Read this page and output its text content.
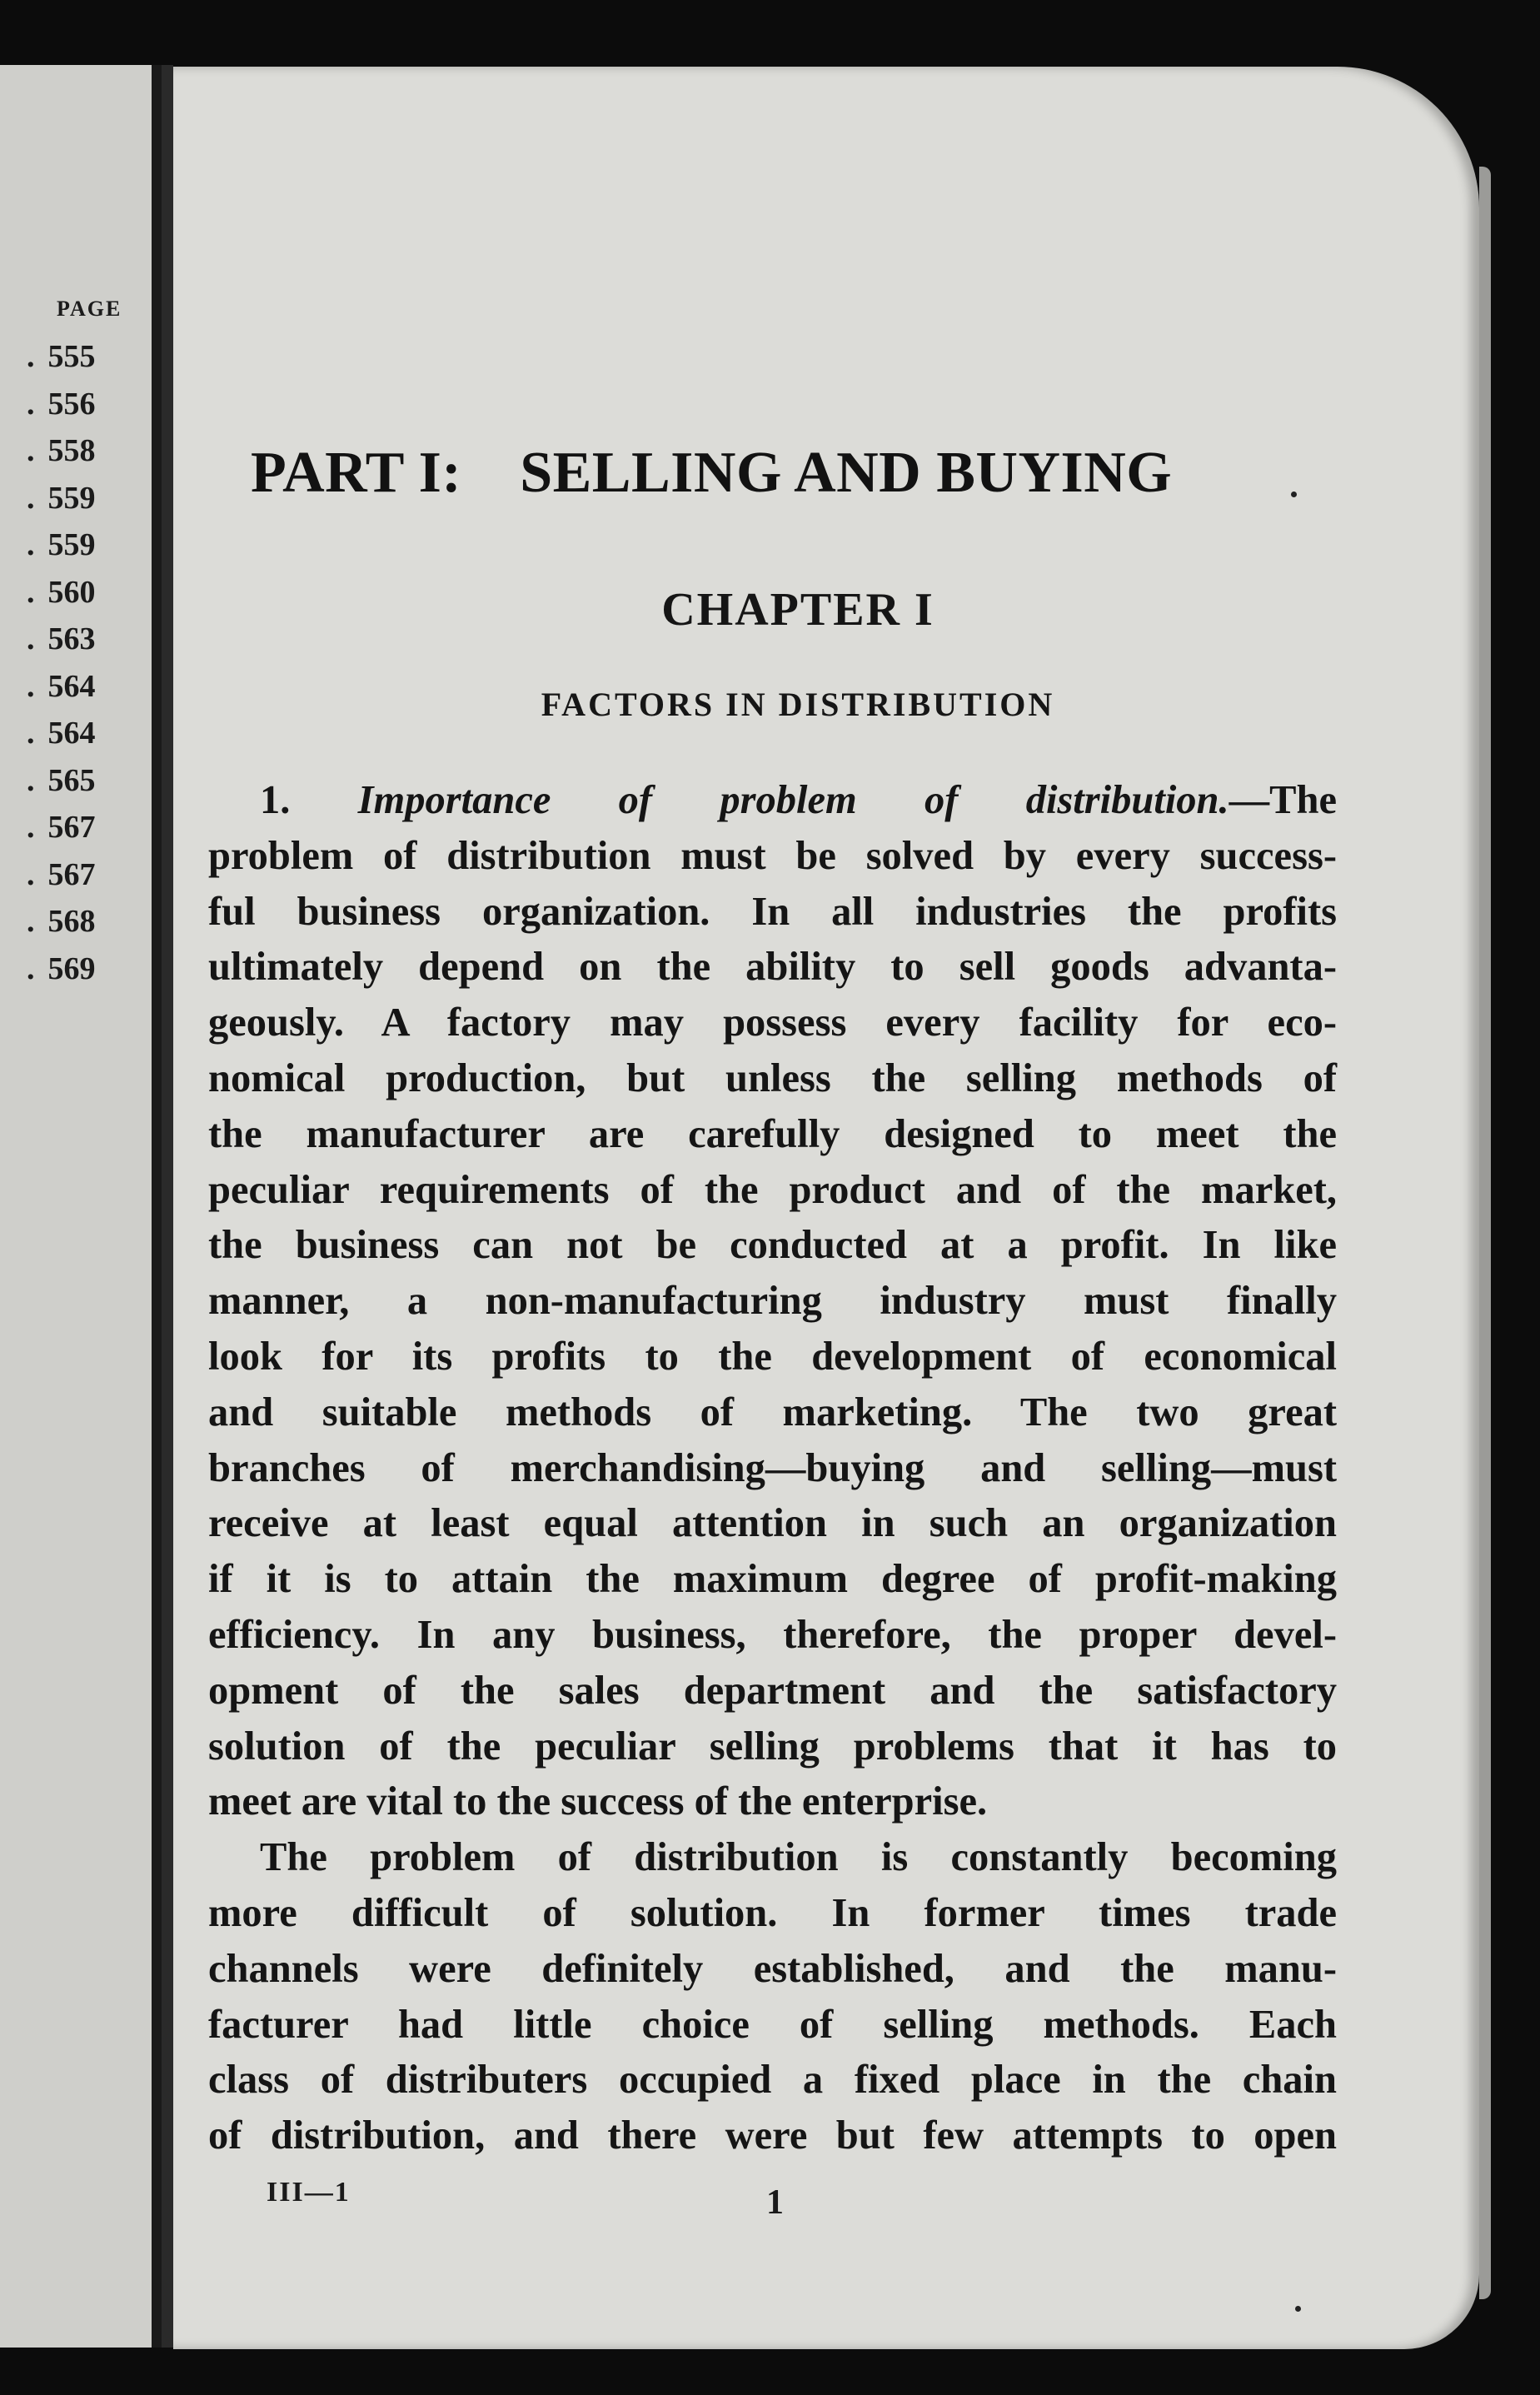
PAGE
. 555
. 556
. 558
. 559
. 559
. 560
. 563
. 564
. 564
. 565
. 567
. 567
. 568
. 569
PART I: SELLING AND BUYING
CHAPTER I
FACTORS IN DISTRIBUTION
1. Importance of problem of distribution.—The
problem of distribution must be solved by every success-
ful business organization. In all industries the profits
ultimately depend on the ability to sell goods advanta-
geously. A factory may possess every facility for eco-
nomical production, but unless the selling methods of
the manufacturer are carefully designed to meet the
peculiar requirements of the product and of the market,
the business can not be conducted at a profit. In like
manner, a non-manufacturing industry must finally
look for its profits to the development of economical
and suitable methods of marketing. The two great
branches of merchandising—buying and selling—must
receive at least equal attention in such an organization
if it is to attain the maximum degree of profit-making
efficiency. In any business, therefore, the proper devel-
opment of the sales department and the satisfactory
solution of the peculiar selling problems that it has to
meet are vital to the success of the enterprise.
The problem of distribution is constantly becoming
more difficult of solution. In former times trade
channels were definitely established, and the manu-
facturer had little choice of selling methods. Each
class of distributers occupied a fixed place in the chain
of distribution, and there were but few attempts to open
III—1	1
